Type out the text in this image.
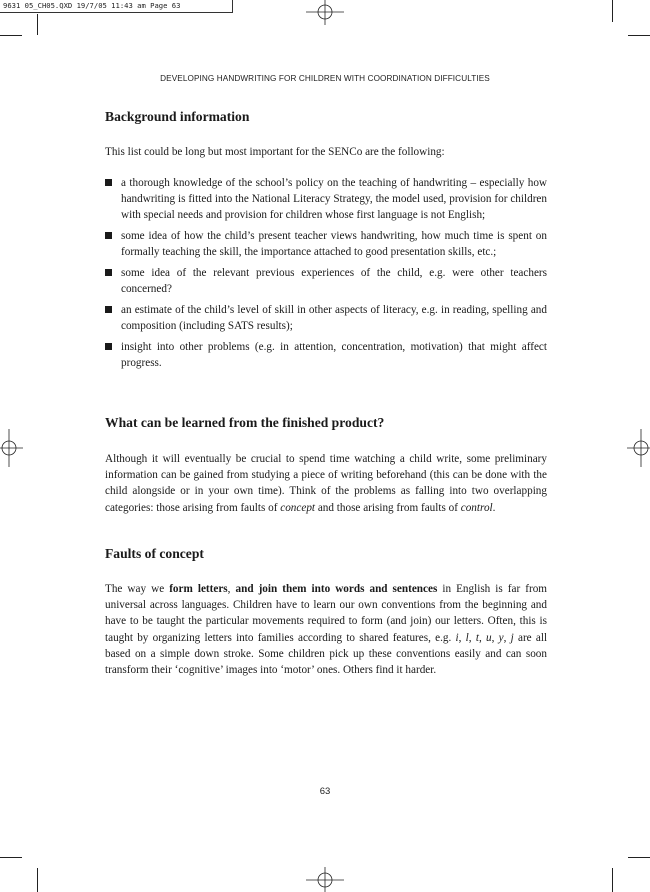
9631 05_CH05.QXD 19/7/05 11:43 am Page 63
DEVELOPING HANDWRITING FOR CHILDREN WITH COORDINATION DIFFICULTIES
Background information

This list could be long but most important for the SENCo are the following:

a thorough knowledge of the school’s policy on the teaching of handwriting – especially how handwriting is fitted into the National Literacy Strategy, the model used, provision for children with special needs and provision for children whose first language is not English;
some idea of how the child’s present teacher views handwriting, how much time is spent on formally teaching the skill, the importance attached to good presentation skills, etc.;
some idea of the relevant previous experiences of the child, e.g. were other teachers concerned?
an estimate of the child’s level of skill in other aspects of literacy, e.g. in reading, spelling and composition (including SATS results);
insight into other problems (e.g. in attention, concentration, motivation) that might affect progress.
What can be learned from the finished product?

Although it will eventually be crucial to spend time watching a child write, some preliminary information can be gained from studying a piece of writing beforehand (this can be done with the child alongside or in your own time). Think of the problems as falling into two overlapping categories: those arising from faults of concept and those arising from faults of control.

Faults of concept

The way we form letters, and join them into words and sentences in English is far from universal across languages. Children have to learn our own conventions from the beginning and have to be taught the particular movements required to form (and join) our letters. Often, this is taught by organizing letters into families according to shared features, e.g. i, l, t, u, y, j are all based on a simple down stroke. Some children pick up these conventions easily and can soon transform their ‘cognitive’ images into ‘motor’ ones. Others find it harder.

63
